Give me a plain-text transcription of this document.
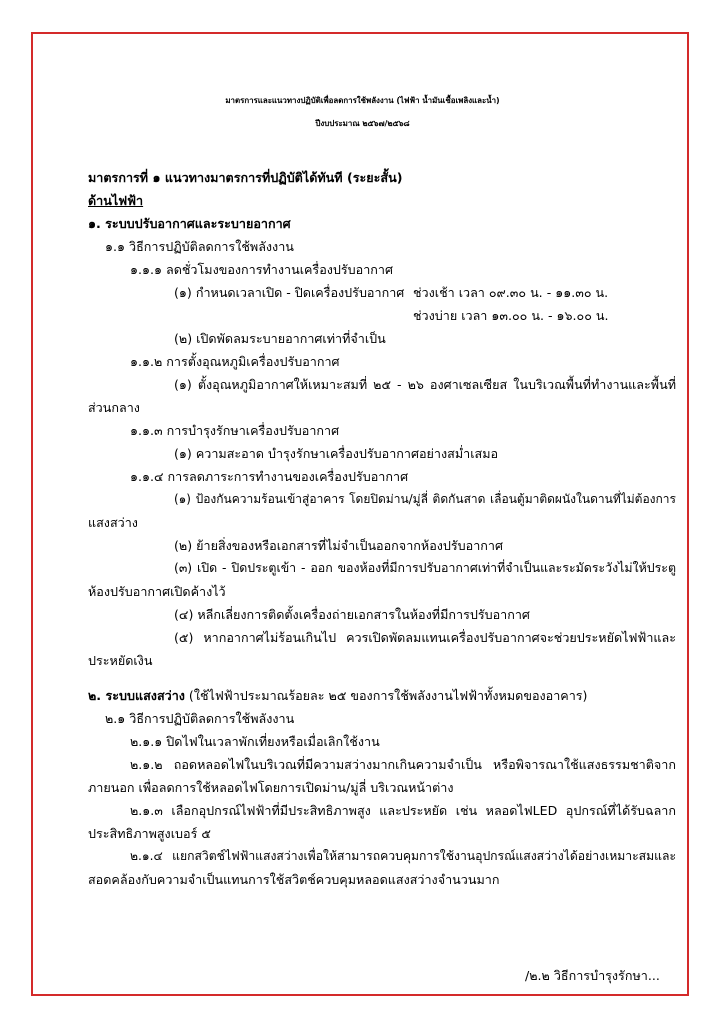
มาตรการและแนวทางปฏิบัติเพื่อลดการใช้พลังงาน (ไฟฟ้า น้ำมันเชื้อเพลิงและน้ำ)
ปีงบประมาณ ๒๕๖๗/๒๕๖๘
มาตรการที่ ๑ แนวทางมาตรการที่ปฏิบัติได้ทันที (ระยะสั้น)
ด้านไฟฟ้า
๑. ระบบปรับอากาศและระบายอากาศ
๑.๑ วิธีการปฏิบัติลดการใช้พลังงาน
๑.๑.๑ ลดชั่วโมงของการทำงานเครื่องปรับอากาศ
(๑) กำหนดเวลาเปิด - ปิดเครื่องปรับอากาศ ช่วงเช้า เวลา ๐๙.๓๐ น. - ๑๑.๓๐ น.
ช่วงบ่าย เวลา ๑๓.๐๐ น. - ๑๖.๐๐ น.
(๒) เปิดพัดลมระบายอากาศเท่าที่จำเป็น
๑.๑.๒ การตั้งอุณหภูมิเครื่องปรับอากาศ
(๑) ตั้งอุณหภูมิอากาศให้เหมาะสมที่ ๒๕ - ๒๖ องศาเซลเซียส ในบริเวณพื้นที่ทำงานและพื้นที่
ส่วนกลาง
๑.๑.๓ การบำรุงรักษาเครื่องปรับอากาศ
(๑) ความสะอาด บำรุงรักษาเครื่องปรับอากาศอย่างสม่ำเสมอ
๑.๑.๔ การลดภาระการทำงานของเครื่องปรับอากาศ
(๑) ป้องกันความร้อนเข้าสู่อาคาร โดยปิดม่าน/มู่ลี่ ติดกันสาด เลื่อนตู้มาติดผนังในดานที่ไม่ต้องการ
แสงสว่าง
(๒) ย้ายสิ่งของหรือเอกสารที่ไม่จำเป็นออกจากห้องปรับอากาศ
(๓) เปิด - ปิดประตูเข้า - ออก ของห้องที่มีการปรับอากาศเท่าที่จำเป็นและระมัดระวังไม่ให้ประตู
ห้องปรับอากาศเปิดค้างไว้
(๔) หลีกเลี่ยงการติดตั้งเครื่องถ่ายเอกสารในห้องที่มีการปรับอากาศ
(๕) หากอากาศไม่ร้อนเกินไป ควรเปิดพัดลมแทนเครื่องปรับอากาศจะช่วยประหยัดไฟฟ้าและ
ประหยัดเงิน
๒. ระบบแสงสว่าง (ใช้ไฟฟ้าประมาณร้อยละ ๒๕ ของการใช้พลังงานไฟฟ้าทั้งหมดของอาคาร)
๒.๑ วิธีการปฏิบัติลดการใช้พลังงาน
๒.๑.๑ ปิดไฟในเวลาพักเที่ยงหรือเมื่อเลิกใช้งาน
๒.๑.๒ ถอดหลอดไฟในบริเวณที่มีความสว่างมากเกินความจำเป็น หรือพิจารณาใช้แสงธรรมชาติจาก
ภายนอก เพื่อลดการใช้หลอดไฟโดยการเปิดม่าน/มู่ลี่ บริเวณหน้าต่าง
๒.๑.๓ เลือกอุปกรณ์ไฟฟ้าที่มีประสิทธิภาพสูง และประหยัด เช่น หลอดไฟLED อุปกรณ์ที่ได้รับฉลาก
ประสิทธิภาพสูงเบอร์ ๕
๒.๑.๔ แยกสวิตช์ไฟฟ้าแสงสว่างเพื่อให้สามารถควบคุมการใช้งานอุปกรณ์แสงสว่างได้อย่างเหมาะสมและ
สอดคล้องกับความจำเป็นแทนการใช้สวิตช์ควบคุมหลอดแสงสว่างจำนวนมาก
/๒.๒ วิธีการบำรุงรักษา...
